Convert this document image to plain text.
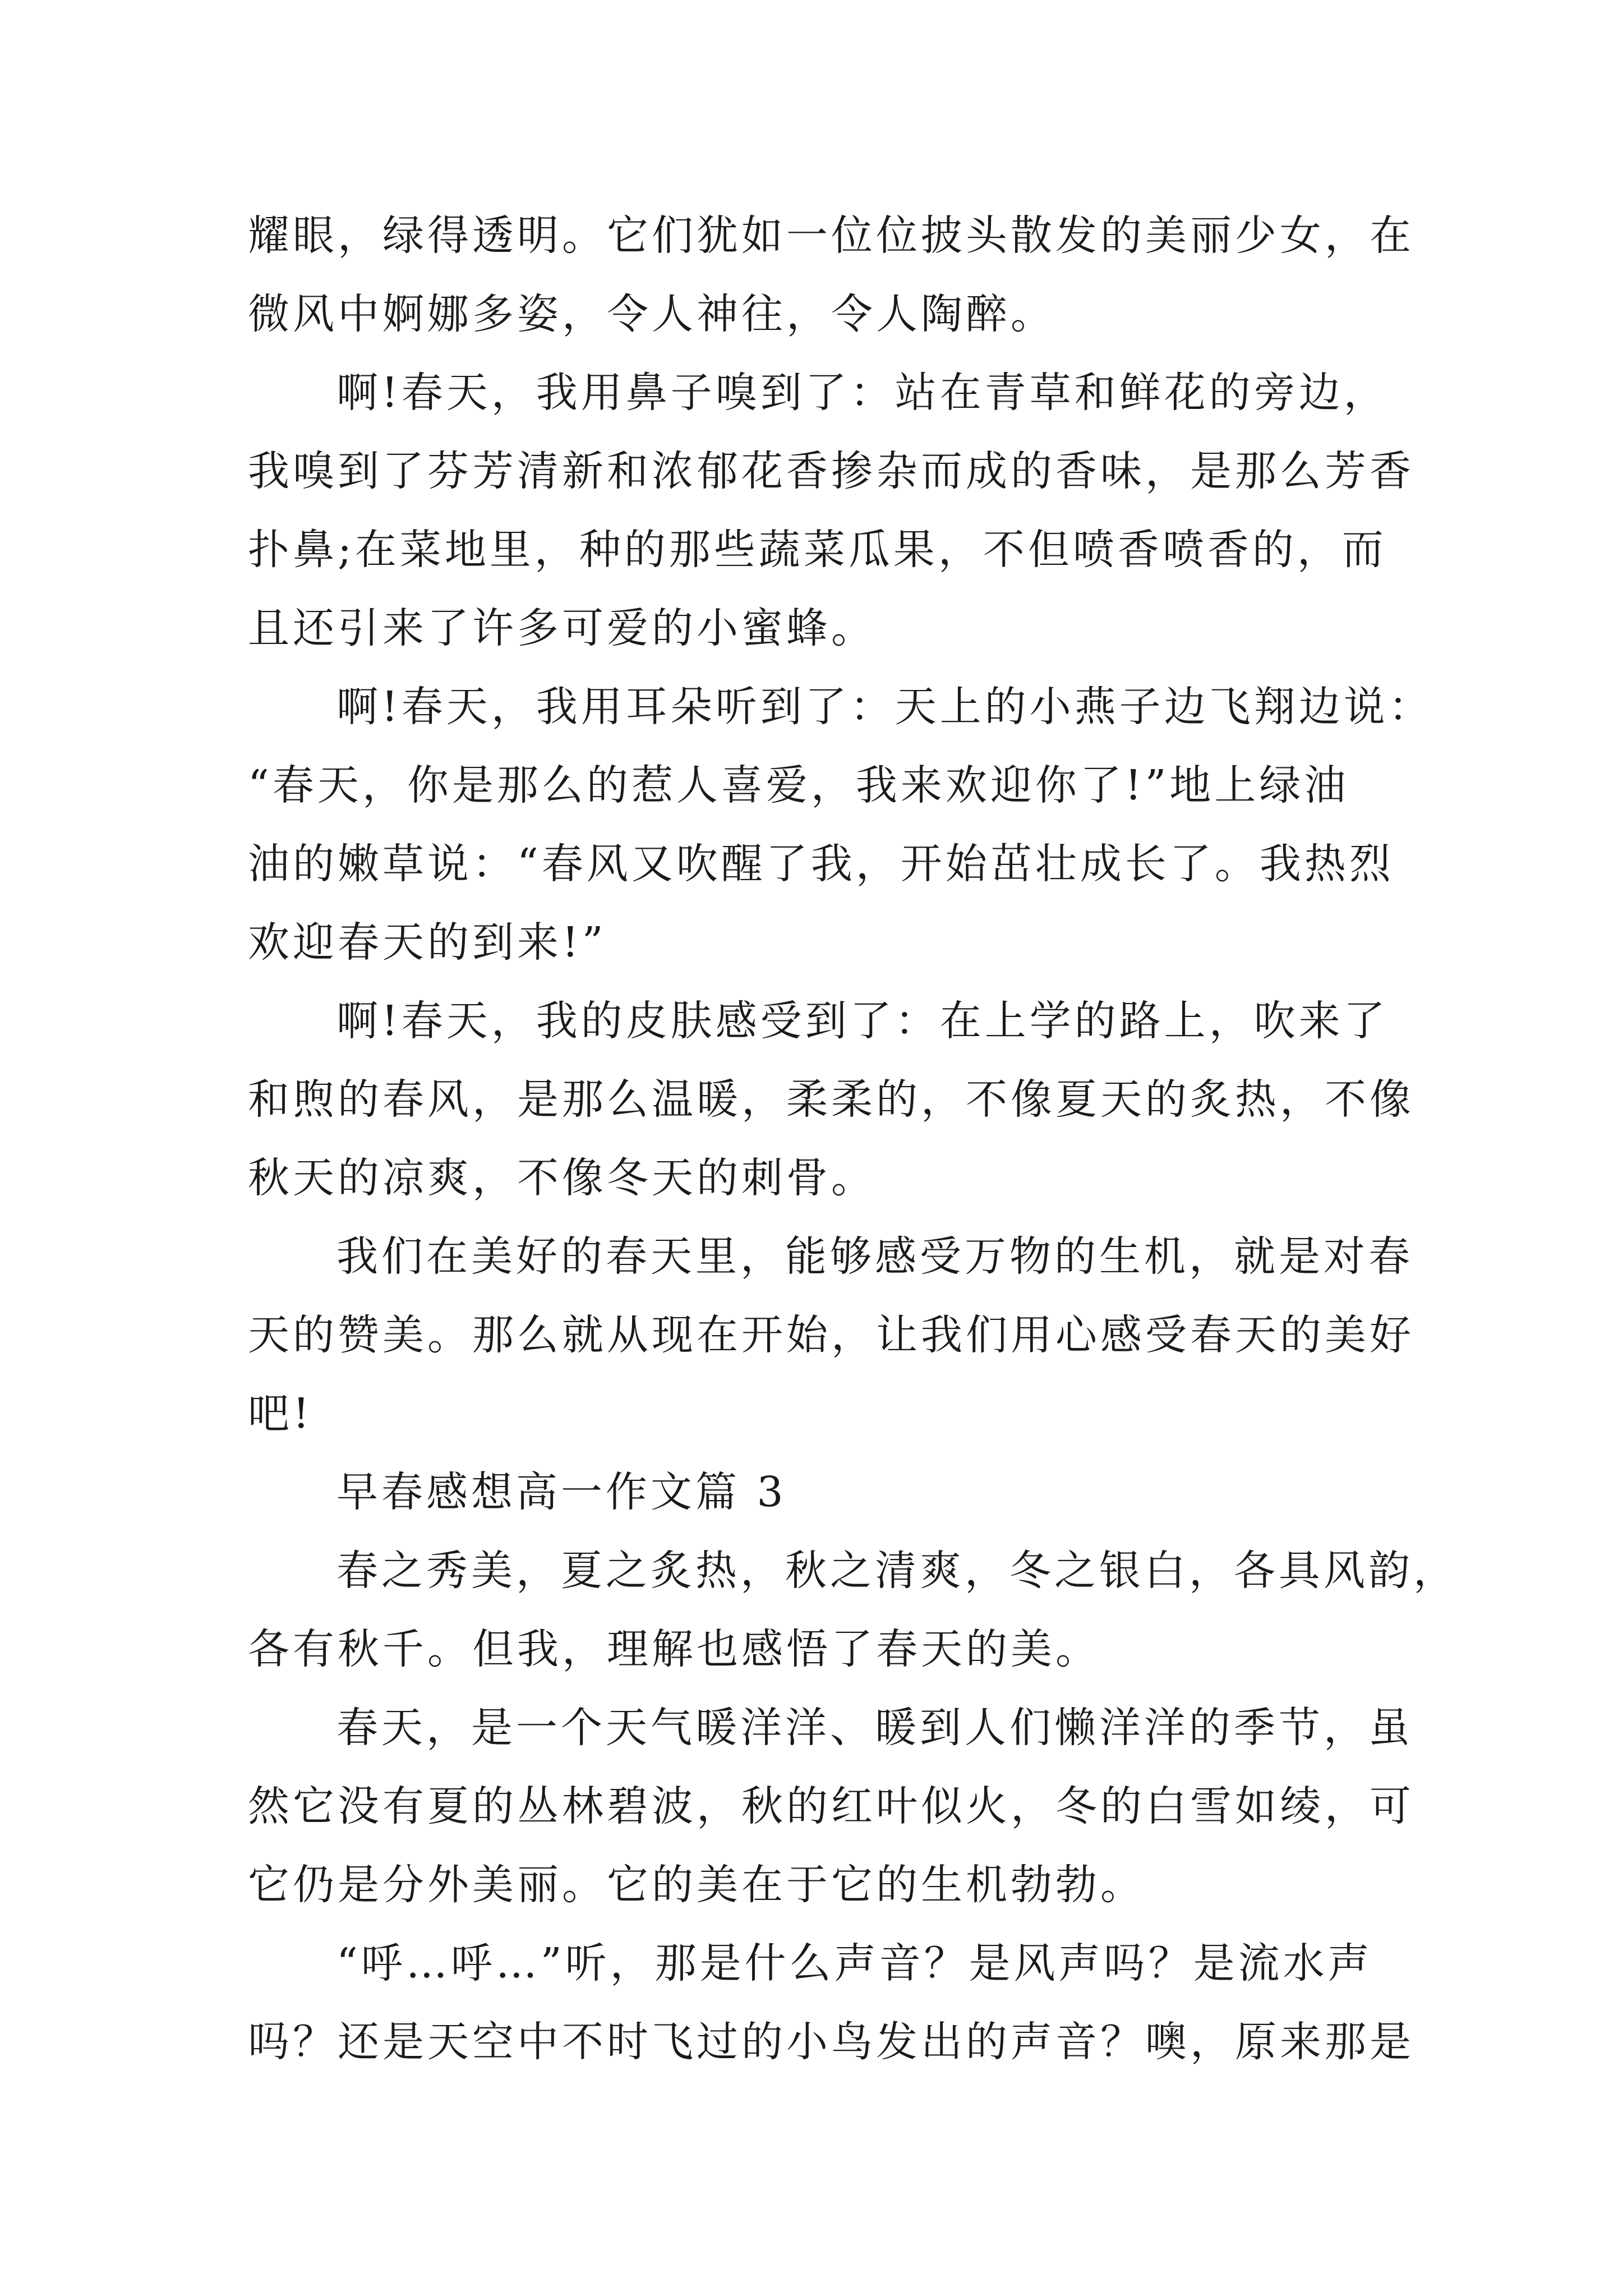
耀眼，绿得透明。它们犹如一位位披头散发的美丽少女，在
微风中婀娜多姿，令人神往，令人陶醉。
啊!春天，我用鼻子嗅到了：站在青草和鲜花的旁边，
我嗅到了芬芳清新和浓郁花香掺杂而成的香味，是那么芳香
扑鼻;在菜地里，种的那些蔬菜瓜果，不但喷香喷香的，而
且还引来了许多可爱的小蜜蜂。
啊!春天，我用耳朵听到了：天上的小燕子边飞翔边说：
“春天，你是那么的惹人喜爱，我来欢迎你了!”地上绿油
油的嫩草说：“春风又吹醒了我，开始茁壮成长了。我热烈
欢迎春天的到来!”
啊!春天，我的皮肤感受到了：在上学的路上，吹来了
和煦的春风，是那么温暖，柔柔的，不像夏天的炙热，不像
秋天的凉爽，不像冬天的刺骨。
我们在美好的春天里，能够感受万物的生机，就是对春
天的赞美。那么就从现在开始，让我们用心感受春天的美好
吧!
早春感想高一作文篇 3
春之秀美，夏之炙热，秋之清爽，冬之银白，各具风韵，
各有秋千。但我，理解也感悟了春天的美。
春天，是一个天气暖洋洋、暖到人们懒洋洋的季节，虽
然它没有夏的丛林碧波，秋的红叶似火，冬的白雪如绫，可
它仍是分外美丽。它的美在于它的生机勃勃。
“呼…呼…”听，那是什么声音？是风声吗？是流水声
吗？还是天空中不时飞过的小鸟发出的声音？噢，原来那是
